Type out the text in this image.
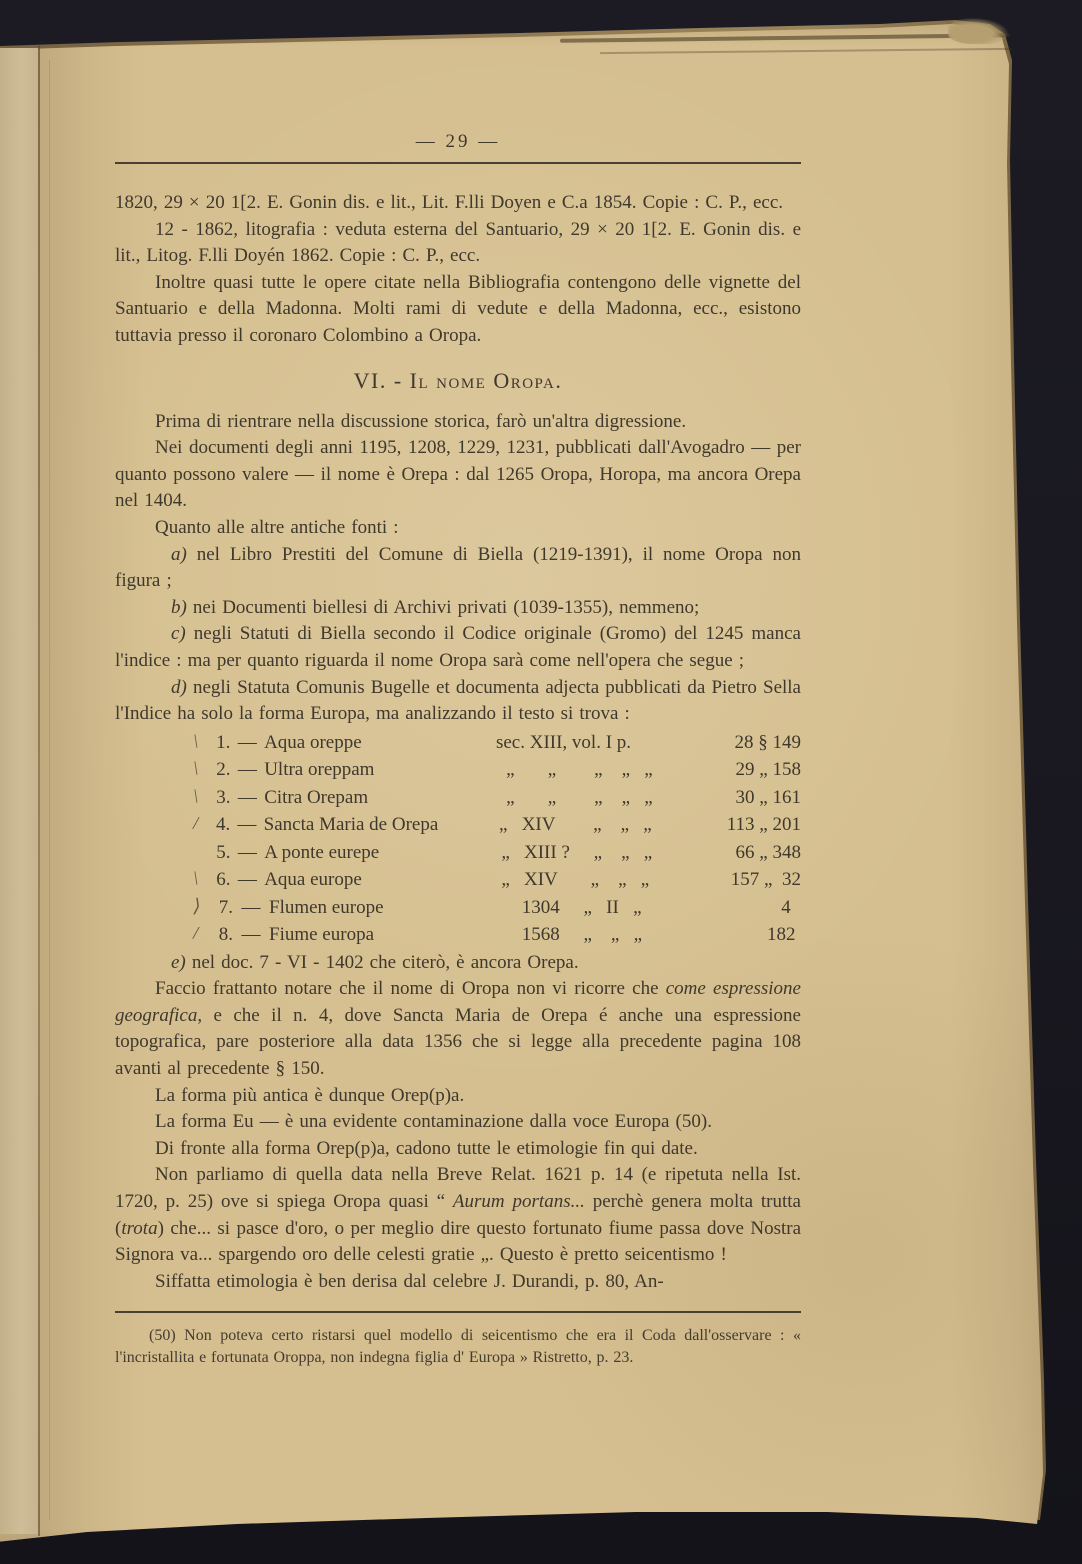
— 29 —

1820, 29 × 20 1[2. E. Gonin dis. e lit., Lit. F.lli Doyen e C.a 1854. Copie : C. P., ecc.

12 - 1862, litografia : veduta esterna del Santuario, 29 × 20 1[2. E. Gonin dis. e lit., Litog. F.lli Doyén 1862. Copie : C. P., ecc.

Inoltre quasi tutte le opere citate nella Bibliografia contengono delle vignette del Santuario e della Madonna. Molti rami di vedute e della Madonna, ecc., esistono tuttavia presso il coronaro Colombino a Oropa.

VI. - Il nome Oropa.

Prima di rientrare nella discussione storica, farò un'altra digressione.

Nei documenti degli anni 1195, 1208, 1229, 1231, pubblicati dall'Avogadro — per quanto possono valere — il nome è Orepa : dal 1265 Oropa, Horopa, ma ancora Orepa nel 1404.

Quanto alle altre antiche fonti :

a) nel Libro Prestiti del Comune di Biella (1219-1391), il nome Oropa non figura ;

b) nei Documenti biellesi di Archivi privati (1039-1355), nemmeno;

c) negli Statuti di Biella secondo il Codice originale (Gromo) del 1245 manca l'indice : ma per quanto riguarda il nome Oropa sarà come nell'opera che segue ;

d) negli Statuta Comunis Bugelle et documenta adjecta pubblicati da Pietro Sella l'Indice ha solo la forma Europa, ma analizzando il testo si trova :

\ 1. — Aqua oreppe	sec. XIII, vol. I p.	28 § 149
\ 2. — Ultra oreppam	„       „        „    „   „	29 „ 158
\ 3. — Citra Orepam	„       „        „    „   „	30 „ 161
/ 4. — Sancta Maria de Orepa	„   XIV        „    „   „	113 „ 201
5. — A ponte eurepe	„   XIII ?     „    „   „	66 „ 348
\ 6. — Aqua europe	„   XIV       „    „   „	157 „  32
⟩ 7. — Flumen europe	1304     „   II   „	4
/ 8. — Fiume europa	1568     „    „   „	182

e) nel doc. 7 - VI - 1402 che citerò, è ancora Orepa.

Faccio frattanto notare che il nome di Oropa non vi ricorre che come espressione geografica, e che il n. 4, dove Sancta Maria de Orepa é anche una espressione topografica, pare posteriore alla data 1356 che si legge alla precedente pagina 108 avanti al precedente § 150.

La forma più antica è dunque Orep(p)a.

La forma Eu — è una evidente contaminazione dalla voce Europa (50).

Di fronte alla forma Orep(p)a, cadono tutte le etimologie fin qui date.

Non parliamo di quella data nella Breve Relat. 1621 p. 14 (e ripetuta nella Ist. 1720, p. 25) ove si spiega Oropa quasi “ Aurum portans... perchè genera molta trutta (trota) che... si pasce d'oro, o per meglio dire questo fortunato fiume passa dove Nostra Signora va... spargendo oro delle celesti gratie „. Questo è pretto seicentismo !

Siffatta etimologia è ben derisa dal celebre J. Durandi, p. 80, An-

(50) Non poteva certo ristarsi quel modello di seicentismo che era il Coda dall'osservare : « l'incristallita e fortunata Oroppa, non indegna figlia d' Europa » Ristretto, p. 23.
